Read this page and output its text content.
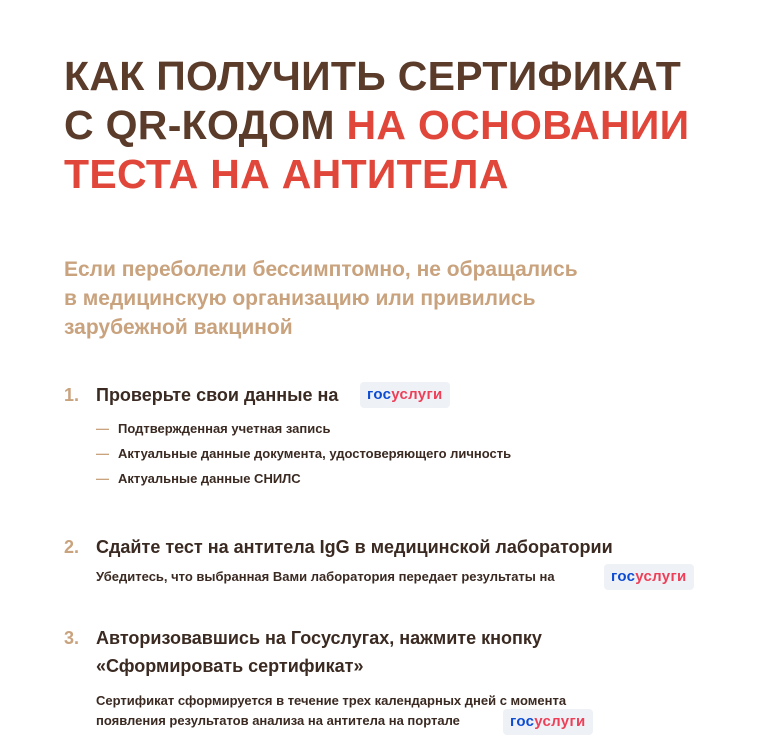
КАК ПОЛУЧИТЬ СЕРТИФИКАТ
С QR-КОДОМ НА ОСНОВАНИИ
ТЕСТА НА АНТИТЕЛА

Если переболели бессимптомно, не обращались
в медицинскую организацию или привились
зарубежной вакциной

1. Проверьте свои данные на	госуслуги
— Подтвержденная учетная запись
— Актуальные данные документа, удостоверяющего личность
— Актуальные данные СНИЛС
2. Сдайте тест на антитела IgG в медицинской лаборатории
Убедитесь, что выбранная Вами лаборатория передает результаты на	госуслуги
3. Авторизовавшись на Госуслугах, нажмите кнопку
«Сформировать сертификат»
Сертификат сформируется в течение трех календарных дней с момента
появления результатов анализа на антитела на портале	госуслуги
